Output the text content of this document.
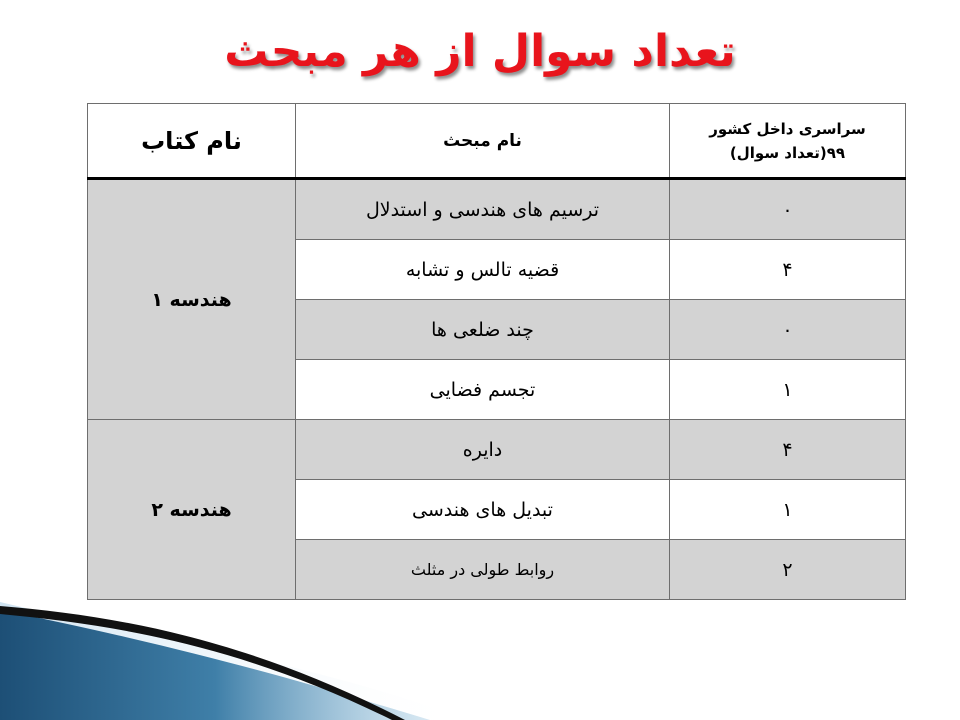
تعداد سوال از هر مبحث
سراسری داخل کشور
۹۹(تعداد سوال)	نام مبحث	نام کتاب
۰	ترسیم های هندسی و استدلال	هندسه ۱
۴	قضیه تالس و تشابه	
۰	چند ضلعی ها	
۱	تجسم فضایی	
۴	دایره	هندسه ۲
۱	تبدیل های هندسی	
۲	روابط طولی در مثلث	
